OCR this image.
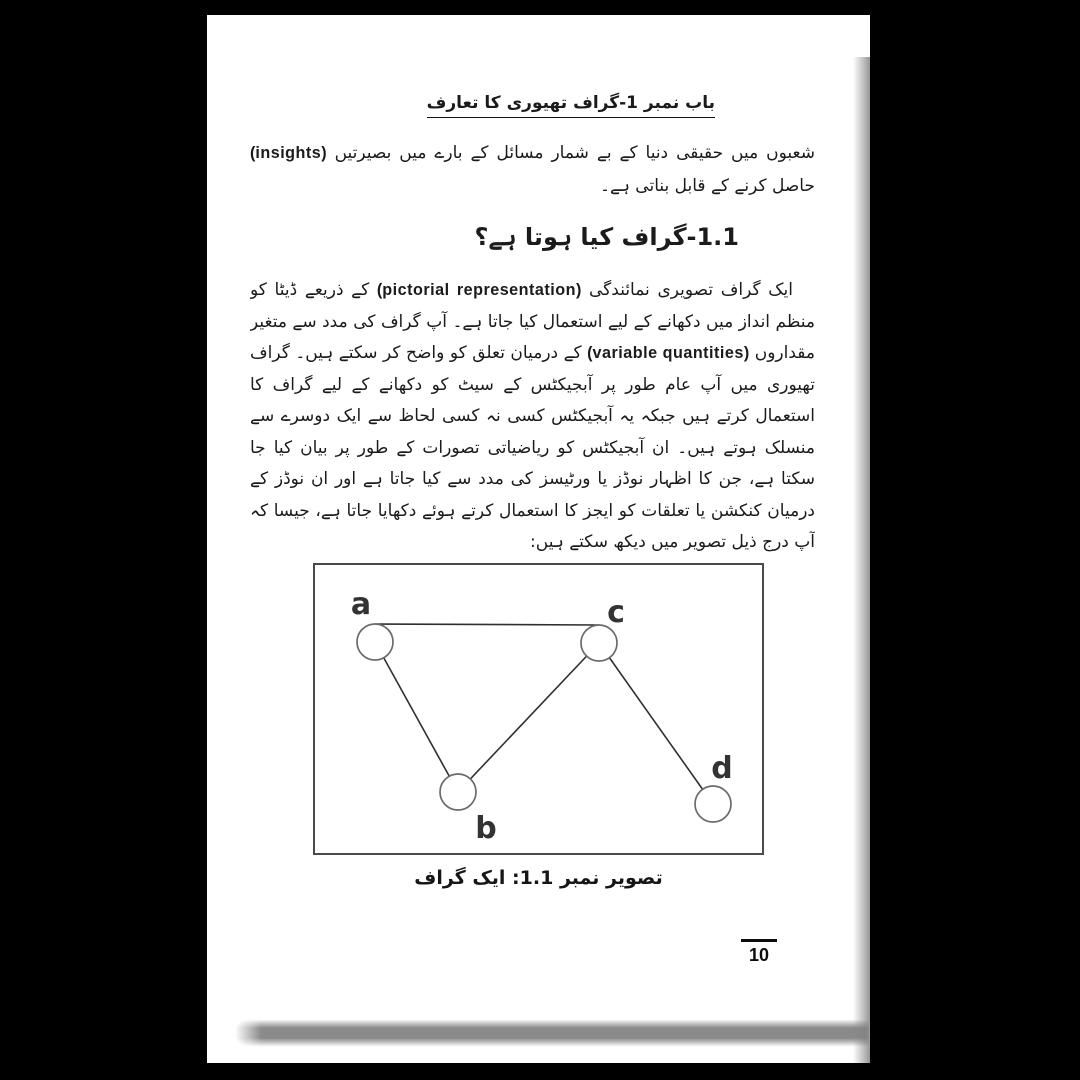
باب نمبر 1-گراف تھیوری کا تعارف
شعبوں میں حقیقی دنیا کے بے شمار مسائل کے بارے میں بصیرتیں (insights) حاصل کرنے کے قابل بناتی ہے۔
1.1-گراف کیا ہوتا ہے؟
ایک گراف تصویری نمائندگی (pictorial representation) کے ذریعے ڈیٹا کو منظم انداز میں دکھانے کے لیے استعمال کیا جاتا ہے۔ آپ گراف کی مدد سے متغیر مقداروں (variable quantities) کے درمیان تعلق کو واضح کر سکتے ہیں۔ گراف تھیوری میں آپ عام طور پر آبجیکٹس کے سیٹ کو دکھانے کے لیے گراف کا استعمال کرتے ہیں جبکہ یہ آبجیکٹس کسی نہ کسی لحاظ سے ایک دوسرے سے منسلک ہوتے ہیں۔ ان آبجیکٹس کو ریاضیاتی تصورات کے طور پر بیان کیا جا سکتا ہے، جن کا اظہار نوڈز یا ورٹیسز کی مدد سے کیا جاتا ہے اور ان نوڈز کے درمیان کنکشن یا تعلقات کو ایجز کا استعمال کرتے ہوئے دکھایا جاتا ہے، جیسا کہ آپ درج ذیل تصویر میں دیکھ سکتے ہیں:
a	c
b
d
تصویر نمبر 1.1: ایک گراف
10
